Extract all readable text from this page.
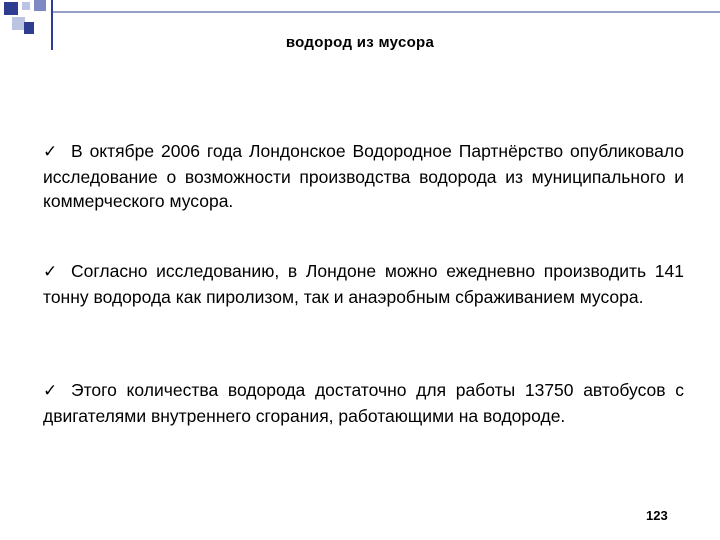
водород из мусора
✓ В октябре 2006 года Лондонское Водородное Партнёрство опубликовало исследование о возможности производства водорода из муниципального и коммерческого мусора.
✓ Согласно исследованию, в Лондоне можно ежедневно производить 141 тонну водорода как пиролизом, так и анаэробным сбраживанием мусора.
✓ Этого количества водорода достаточно для работы 13750 автобусов с двигателями внутреннего сгорания, работающими на водороде.
123
